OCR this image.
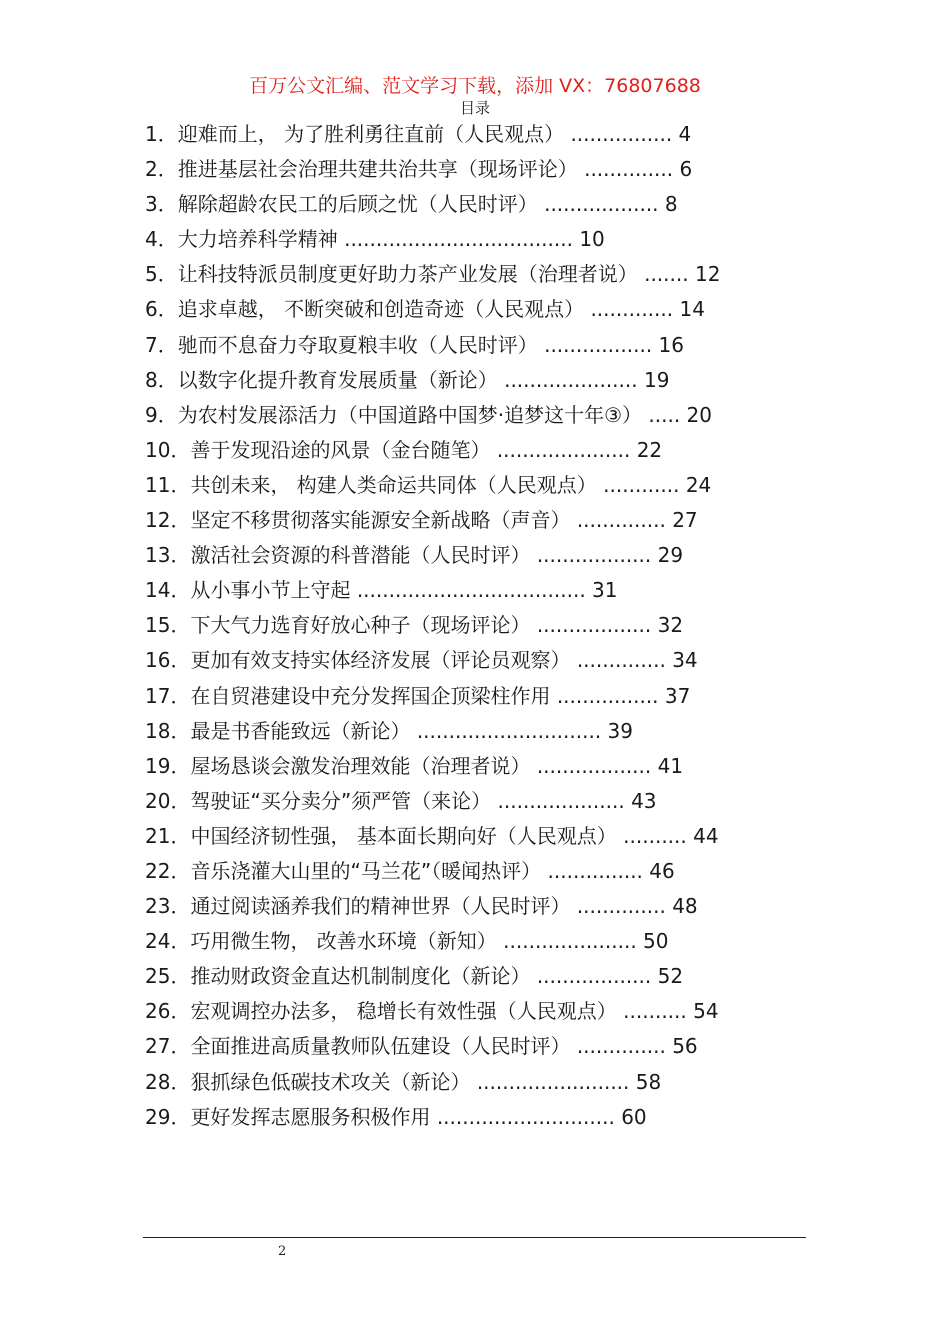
百万公文汇编、范文学习下载，添加 VX：76807688
目录
1．迎难而上， 为了胜利勇往直前（人民观点） ................ 4
2．推进基层社会治理共建共治共享（现场评论） .............. 6
3．解除超龄农民工的后顾之忧（人民时评） .................. 8
4．大力培养科学精神 .................................... 10
5．让科技特派员制度更好助力茶产业发展（治理者说） ....... 12
6．追求卓越， 不断突破和创造奇迹（人民观点） ............. 14
7．驰而不息奋力夺取夏粮丰收（人民时评） ................. 16
8．以数字化提升教育发展质量（新论） ..................... 19
9．为农村发展添活力（中国道路中国梦·追梦这十年③） ..... 20
10．善于发现沿途的风景（金台随笔） ..................... 22
11．共创未来， 构建人类命运共同体（人民观点） ............ 24
12．坚定不移贯彻落实能源安全新战略（声音） .............. 27
13．激活社会资源的科普潜能（人民时评） .................. 29
14．从小事小节上守起 .................................... 31
15．下大气力选育好放心种子（现场评论） .................. 32
16．更加有效支持实体经济发展（评论员观察） .............. 34
17．在自贸港建设中充分发挥国企顶梁柱作用 ................ 37
18．最是书香能致远（新论） ............................. 39
19．屋场恳谈会激发治理效能（治理者说） .................. 41
20．驾驶证“买分卖分”须严管（来论） .................... 43
21．中国经济韧性强， 基本面长期向好（人民观点） .......... 44
22．音乐浇灌大山里的“马兰花”（暖闻热评） ............... 46
23．通过阅读涵养我们的精神世界（人民时评） .............. 48
24．巧用微生物， 改善水环境（新知） ..................... 50
25．推动财政资金直达机制制度化（新论） .................. 52
26．宏观调控办法多， 稳增长有效性强（人民观点） .......... 54
27．全面推进高质量教师队伍建设（人民时评） .............. 56
28．狠抓绿色低碳技术攻关（新论） ........................ 58
29．更好发挥志愿服务积极作用 ............................ 60
2
